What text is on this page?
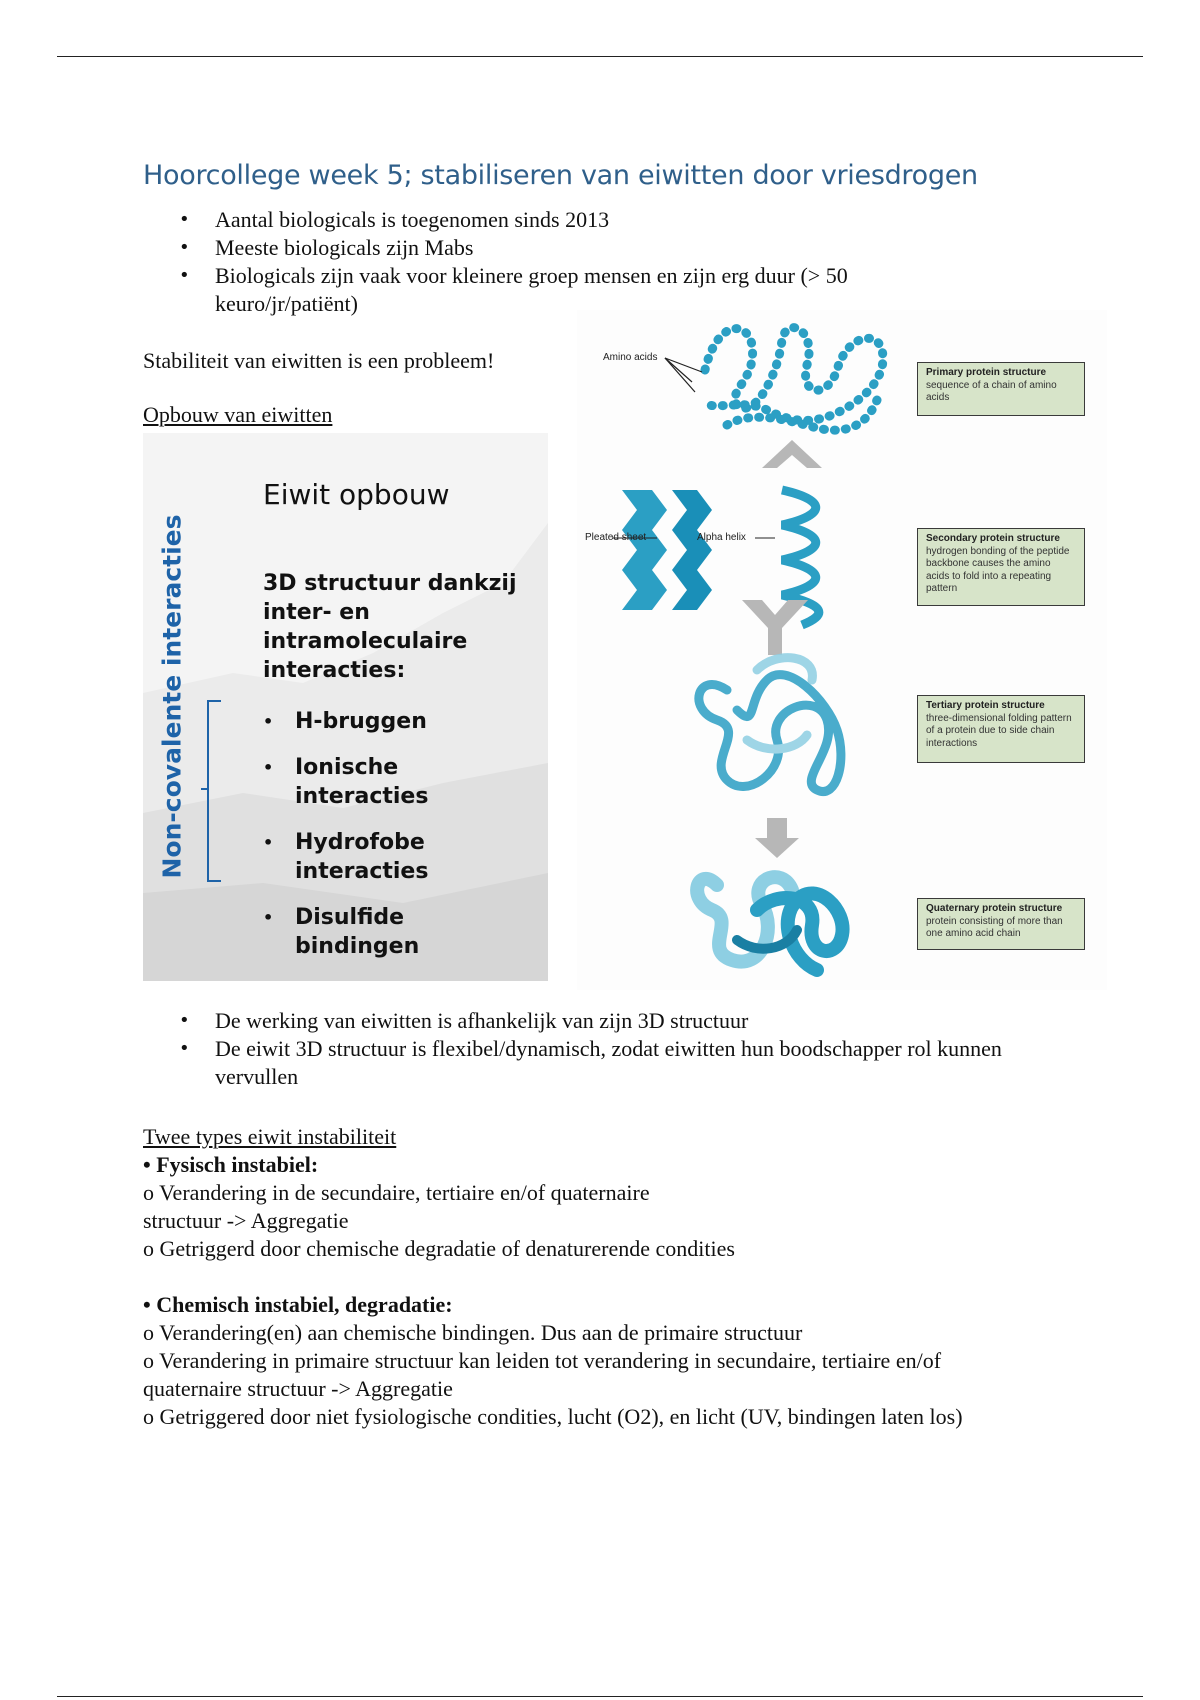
Hoorcollege week 5; stabiliseren van eiwitten door vriesdrogen
• Aantal biologicals is toegenomen sinds 2013
• Meeste biologicals zijn Mabs
• Biologicals zijn vaak voor kleinere groep mensen en zijn erg duur (> 50 keuro/jr/patiënt)

Stabiliteit van eiwitten is een probleem!

Opbouw van eiwitten

Eiwit opbouw
3D structuur dankzij inter- en intramoleculaire interacties:
• H-bruggen
• Ionische interacties
• Hydrofobe interacties
• Disulfide bindingen
Non-covalente interacties
Amino acids
Pleated sheet	Alpha helix
Primary protein structure
sequence of a chain of amino acids
Secondary protein structure
hydrogen bonding of the peptide backbone causes the amino acids to fold into a repeating pattern
Tertiary protein structure
three-dimensional folding pattern of a protein due to side chain interactions
Quaternary protein structure
protein consisting of more than one amino acid chain
• De werking van eiwitten is afhankelijk van zijn 3D structuur
• De eiwit 3D structuur is flexibel/dynamisch, zodat eiwitten hun boodschapper rol kunnen vervullen

Twee types eiwit instabiliteit

• Fysisch instabiel:

o Verandering in de secundaire, tertiaire en/of quaternaire

structuur -> Aggregatie

o Getriggerd door chemische degradatie of denaturerende condities

• Chemisch instabiel, degradatie:

o Verandering(en) aan chemische bindingen. Dus aan de primaire structuur

o Verandering in primaire structuur kan leiden tot verandering in secundaire, tertiaire en/of

quaternaire structuur -> Aggregatie

o Getriggered door niet fysiologische condities, lucht (O2), en licht (UV, bindingen laten los)
